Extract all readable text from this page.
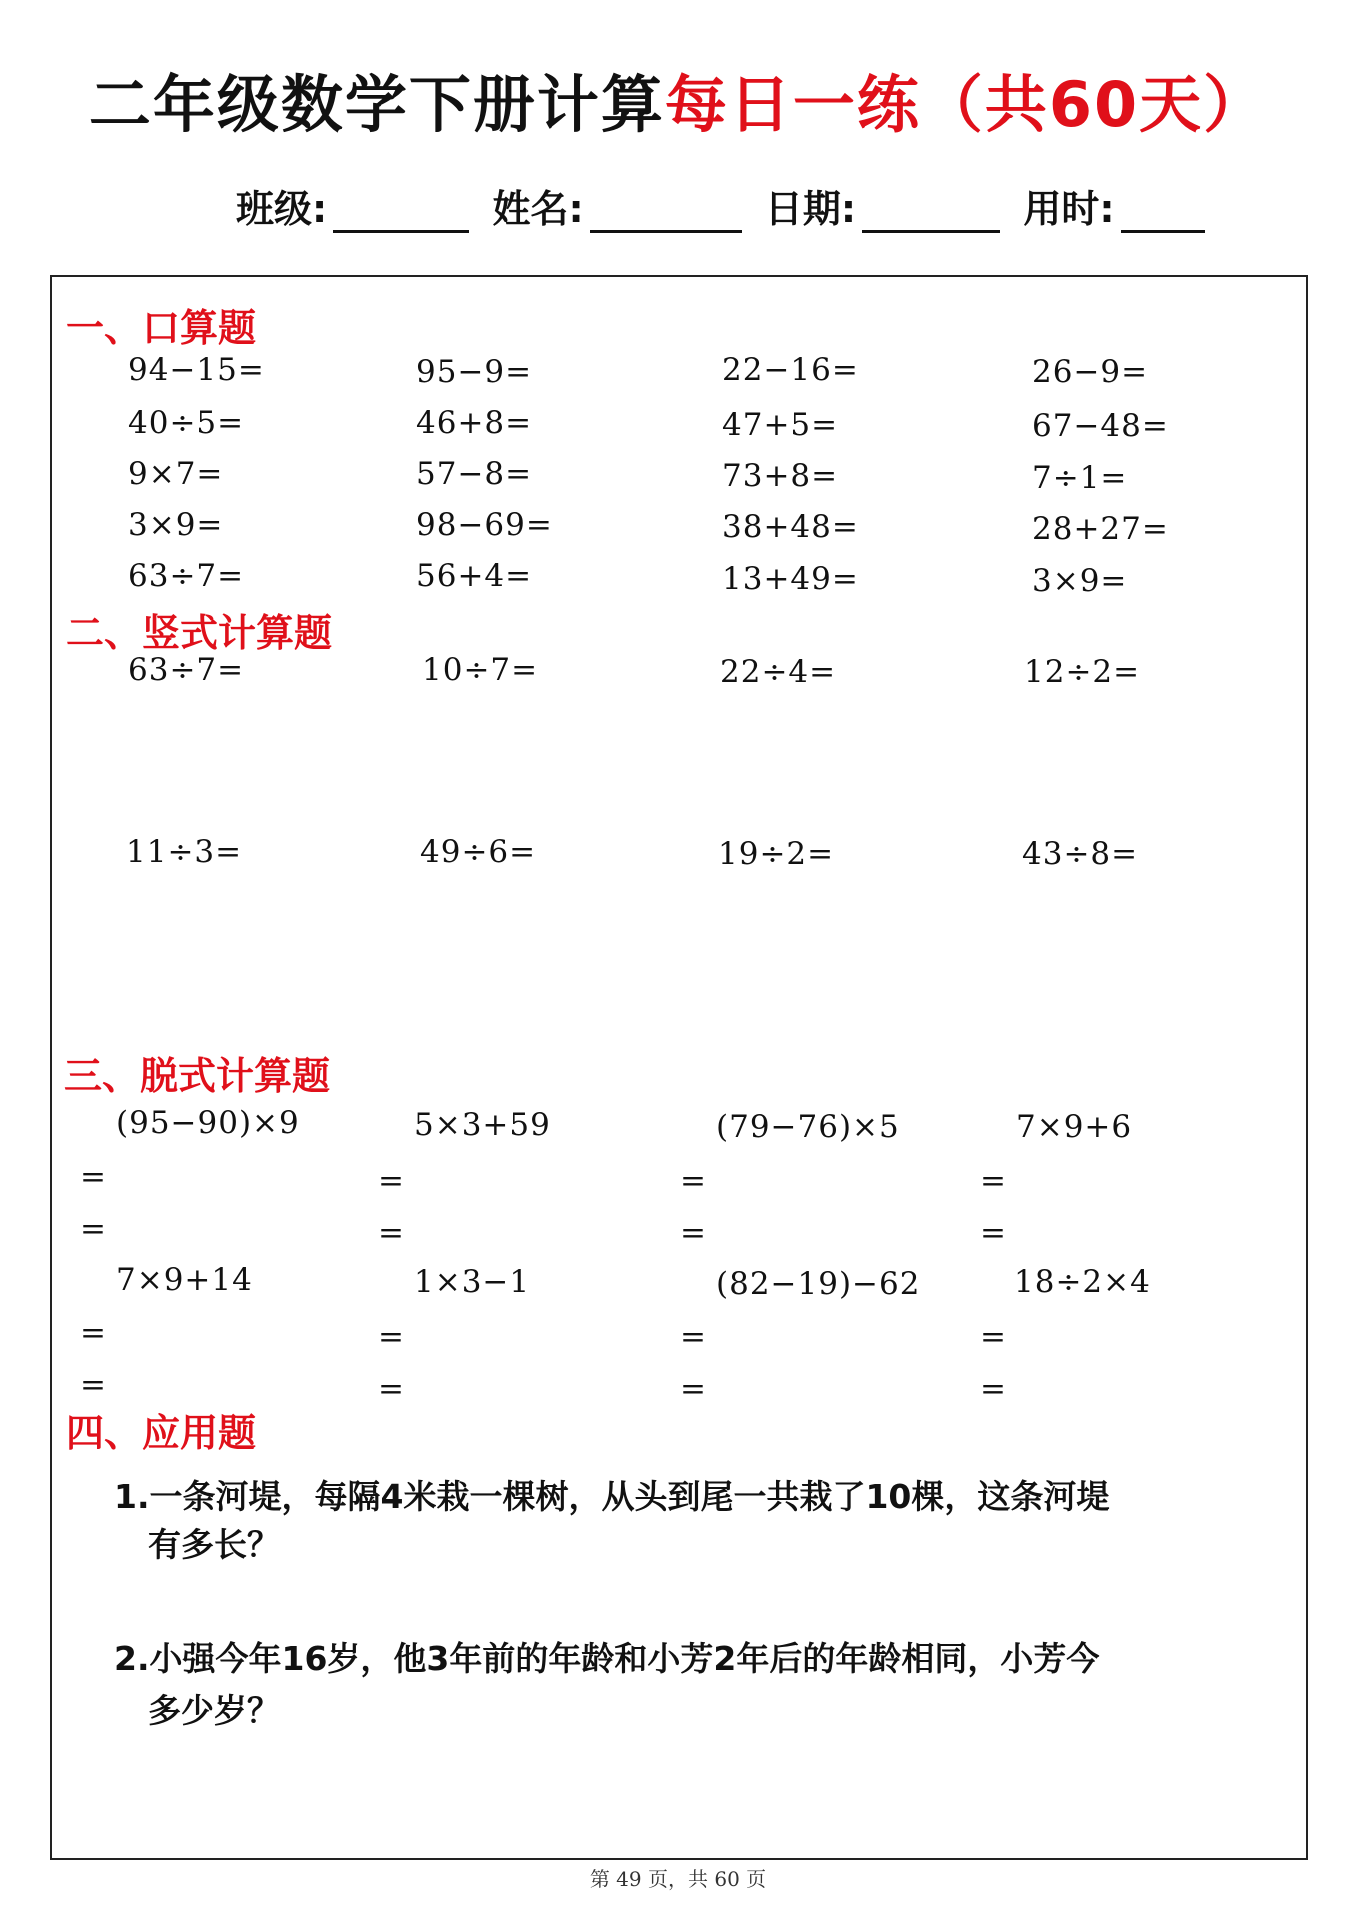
二年级数学下册计算每日一练（共60天）
班级:	姓名:	日期:	用时:
一、口算题
94−15=	95−9=	22−16=	26−9=
40÷5=	46+8=	47+5=	67−48=
9×7=	57−8=	73+8=	7÷1=
3×9=	98−69=	38+48=	28+27=
63÷7=	56+4=	13+49=	3×9=
二、竖式计算题
63÷7=	10÷7=	22÷4=	12÷2=
11÷3=	49÷6=	19÷2=	43÷8=
三、脱式计算题
(95−90)×9	5×3+59	(79−76)×5	7×9+6
=	=	=	=
=	=	=	=
7×9+14	1×3−1	(82−19)−62	18÷2×4
=	=	=	=
=	=	=	=
四、应用题
1.一条河堤，每隔4米栽一棵树，从头到尾一共栽了10棵，这条河堤
有多长？
2.小强今年16岁，他3年前的年龄和小芳2年后的年龄相同，小芳今
多少岁？
第 49 页，共 60 页
